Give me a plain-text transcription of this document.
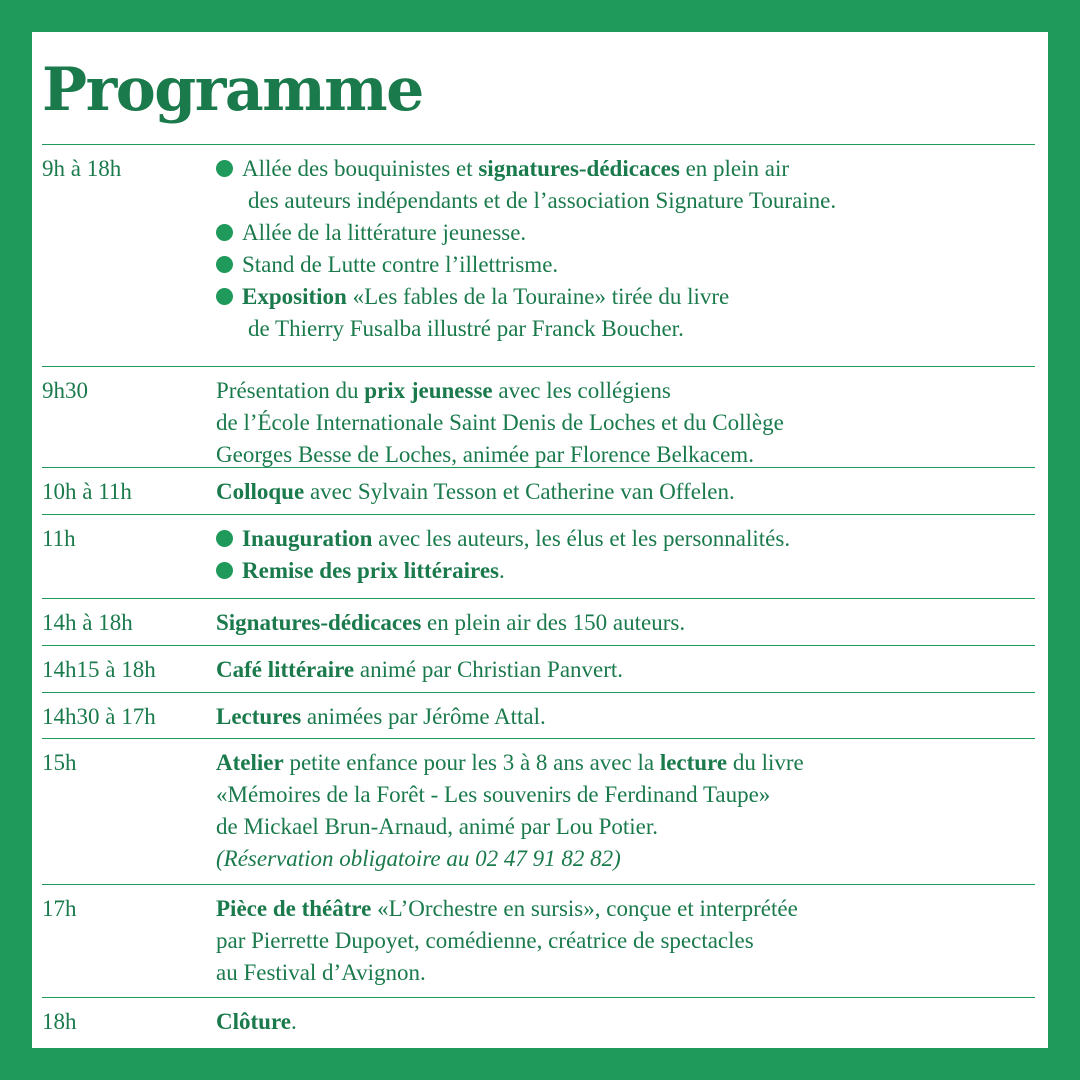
Programme
9h à 18h	Allée des bouquinistes et signatures-dédicaces en plein air
des auteurs indépendants et de l’association Signature Touraine.
Allée de la littérature jeunesse.
Stand de Lutte contre l’illettrisme.
Exposition «Les fables de la Touraine» tirée du livre
de Thierry Fusalba illustré par Franck Boucher.
9h30	Présentation du prix jeunesse avec les collégiens
de l’École Internationale Saint Denis de Loches et du Collège
Georges Besse de Loches, animée par Florence Belkacem.
10h à 11h	Colloque avec Sylvain Tesson et Catherine van Offelen.
11h	Inauguration avec les auteurs, les élus et les personnalités.
Remise des prix littéraires.
14h à 18h	Signatures-dédicaces en plein air des 150 auteurs.
14h15 à 18h	Café littéraire animé par Christian Panvert.
14h30 à 17h	Lectures animées par Jérôme Attal.
15h	Atelier petite enfance pour les 3 à 8 ans avec la lecture du livre
«Mémoires de la Forêt - Les souvenirs de Ferdinand Taupe»
de Mickael Brun-Arnaud, animé par Lou Potier.
(Réservation obligatoire au 02 47 91 82 82)
17h	Pièce de théâtre «L’Orchestre en sursis», conçue et interprétée
par Pierrette Dupoyet, comédienne, créatrice de spectacles
au Festival d’Avignon.
18h	Clôture.
